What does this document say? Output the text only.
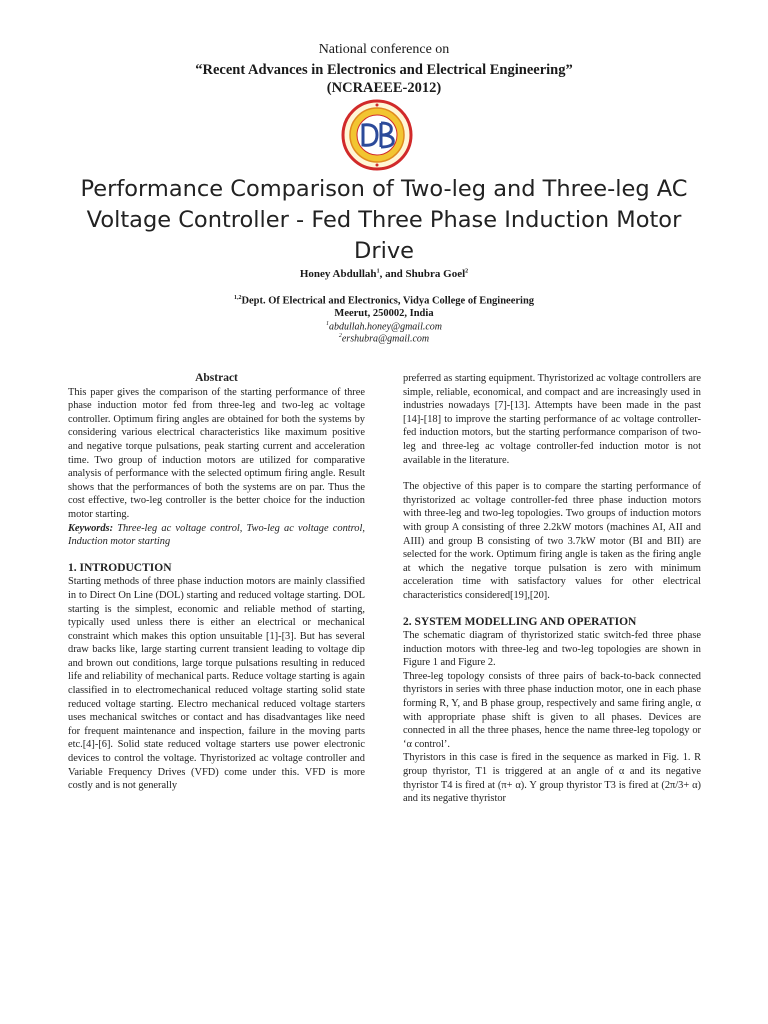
National conference on
“Recent Advances in Electronics and Electrical Engineering”
(NCRAEEE-2012)
Performance Comparison of Two-leg and Three-leg AC Voltage Controller - Fed Three Phase Induction Motor Drive
Honey Abdullah$^1$, and Shubra Goel$^2$
$^{1,2}$Dept. Of Electrical and Electronics, Vidya College of Engineering
Meerut, 250002, India
$^1$abdullah.honey@gmail.com
$^2$ershubra@gmail.com

Abstract

This paper gives the comparison of the starting performance of three phase induction motor fed from three-leg and two-leg ac voltage controller. Optimum firing angles are obtained for both the systems by considering various electrical characteristics like maximum positive and negative torque pulsations, peak starting current and acceleration time. Two group of induction motors are utilized for comparative analysis of performance with the selected optimum firing angle. Result shows that the performances of both the systems are on par. Thus the cost effective, two-leg controller is the better choice for the induction motor starting.

Keywords: Three-leg ac voltage control, Two-leg ac voltage control, Induction motor starting

1. INTRODUCTION

Starting methods of three phase induction motors are mainly classified in to Direct On Line (DOL) starting and reduced voltage starting. DOL starting is the simplest, economic and reliable method of starting, typically used unless there is either an electrical or mechanical constraint which makes this option unsuitable [1]-[3]. But has several draw backs like, large starting current transient leading to voltage dip and brown out conditions, large torque pulsations resulting in reduced life and reliability of mechanical parts. Reduce voltage starting is again classified in to electromechanical reduced voltage starting solid state reduced voltage starting. Electro mechanical reduced voltage starters uses mechanical switches or contact and has disadvantages like need for frequent maintenance and inspection, failure in the moving parts etc.[4]-[6]. Solid state reduced voltage starters use power electronic devices to control the voltage. Thyristorized ac voltage controller and Variable Frequency Drives (VFD) come under this. VFD is more costly and is not generally

preferred as starting equipment. Thyristorized ac voltage controllers are simple, reliable, economical, and compact and are increasingly used in industries nowadays [7]-[13]. Attempts have been made in the past [14]-[18] to improve the starting performance of ac voltage controller-fed induction motors, but the starting performance comparison of two-leg and three-leg ac voltage controller-fed induction motor is not available in the literature.

The objective of this paper is to compare the starting performance of thyristorized ac voltage controller-fed three phase induction motors with three-leg and two-leg topologies. Two groups of induction motors with group A consisting of three 2.2kW motors (machines AI, AII and AIII) and group B consisting of two 3.7kW motor (BI and BII) are selected for the work. Optimum firing angle is taken as the firing angle at which the negative torque pulsation is zero with minimum acceleration time with satisfactory values for other electrical characteristics considered[19],[20].

2. SYSTEM MODELLING AND OPERATION

The schematic diagram of thyristorized static switch-fed three phase induction motors with three-leg and two-leg topologies are shown in Figure 1 and Figure 2.

Three-leg topology consists of three pairs of back-to-back connected thyristors in series with three phase induction motor, one in each phase forming R, Y, and B phase group, respectively and same firing angle, α with appropriate phase shift is given to all phases. Devices are connected in all the three phases, hence the name three-leg topology or ‘α control’.

Thyristors in this case is fired in the sequence as marked in Fig. 1. R group thyristor, T1 is triggered at an angle of α and its negative thyristor T4 is fired at (π+ α). Y group thyristor T3 is fired at (2π/3+ α) and its negative thyristor
